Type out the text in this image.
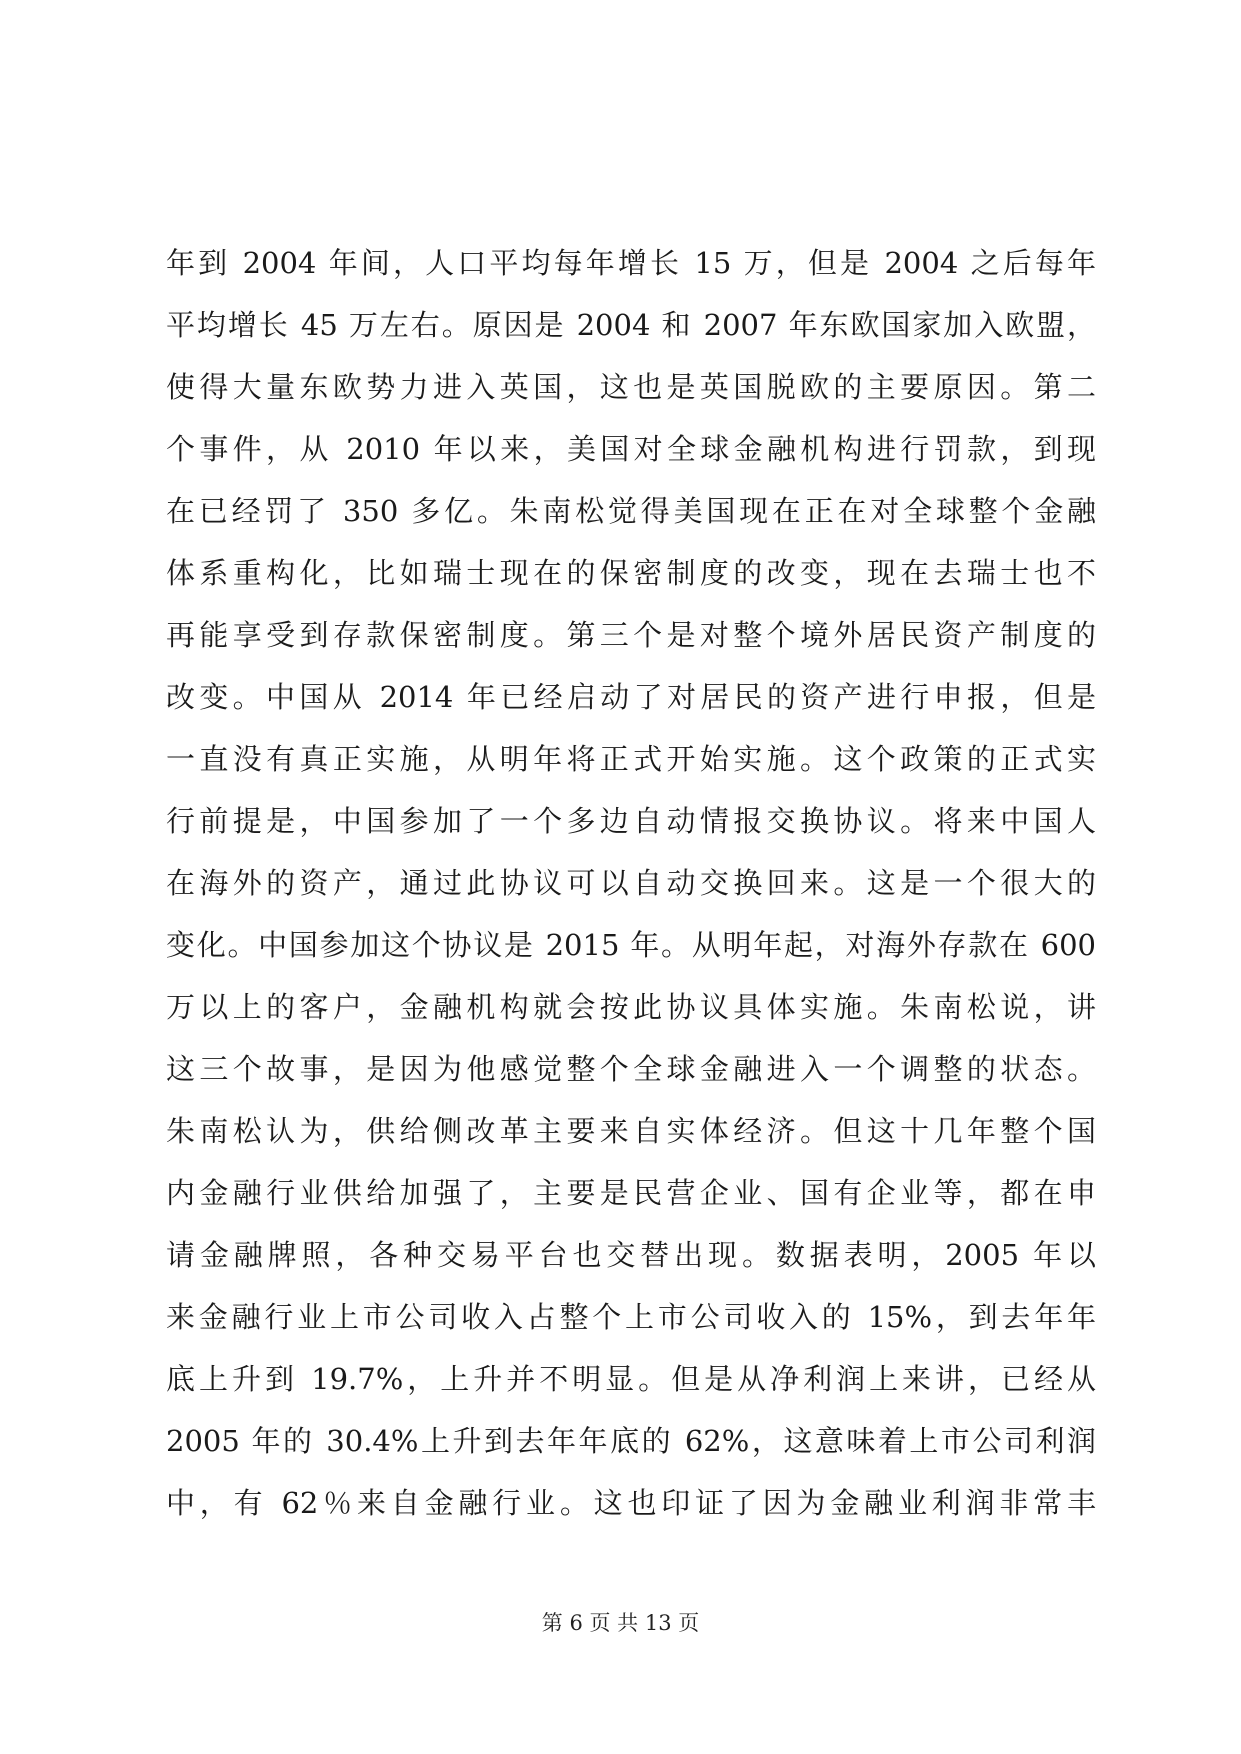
年到 2004 年间，人口平均每年增长 15 万，但是 2004 之后每年
平均增长 45 万左右。原因是 2004 和 2007 年东欧国家加入欧盟，
使得大量东欧势力进入英国，这也是英国脱欧的主要原因。第二
个事件，从 2010 年以来，美国对全球金融机构进行罚款，到现
在已经罚了 350 多亿。朱南松觉得美国现在正在对全球整个金融
体系重构化，比如瑞士现在的保密制度的改变，现在去瑞士也不
再能享受到存款保密制度。第三个是对整个境外居民资产制度的
改变。中国从 2014 年已经启动了对居民的资产进行申报，但是
一直没有真正实施，从明年将正式开始实施。这个政策的正式实
行前提是，中国参加了一个多边自动情报交换协议。将来中国人
在海外的资产，通过此协议可以自动交换回来。这是一个很大的
变化。中国参加这个协议是 2015 年。从明年起，对海外存款在 600
万以上的客户，金融机构就会按此协议具体实施。朱南松说，讲
这三个故事，是因为他感觉整个全球金融进入一个调整的状态。
朱南松认为，供给侧改革主要来自实体经济。但这十几年整个国
内金融行业供给加强了，主要是民营企业、国有企业等，都在申
请金融牌照，各种交易平台也交替出现。数据表明，2005 年以
来金融行业上市公司收入占整个上市公司收入的 15%，到去年年
底上升到 19.7%，上升并不明显。但是从净利润上来讲，已经从
2005 年的 30.4%上升到去年年底的 62%，这意味着上市公司利润
中，有 62％来自金融行业。这也印证了因为金融业利润非常丰
第 6 页 共 13 页
